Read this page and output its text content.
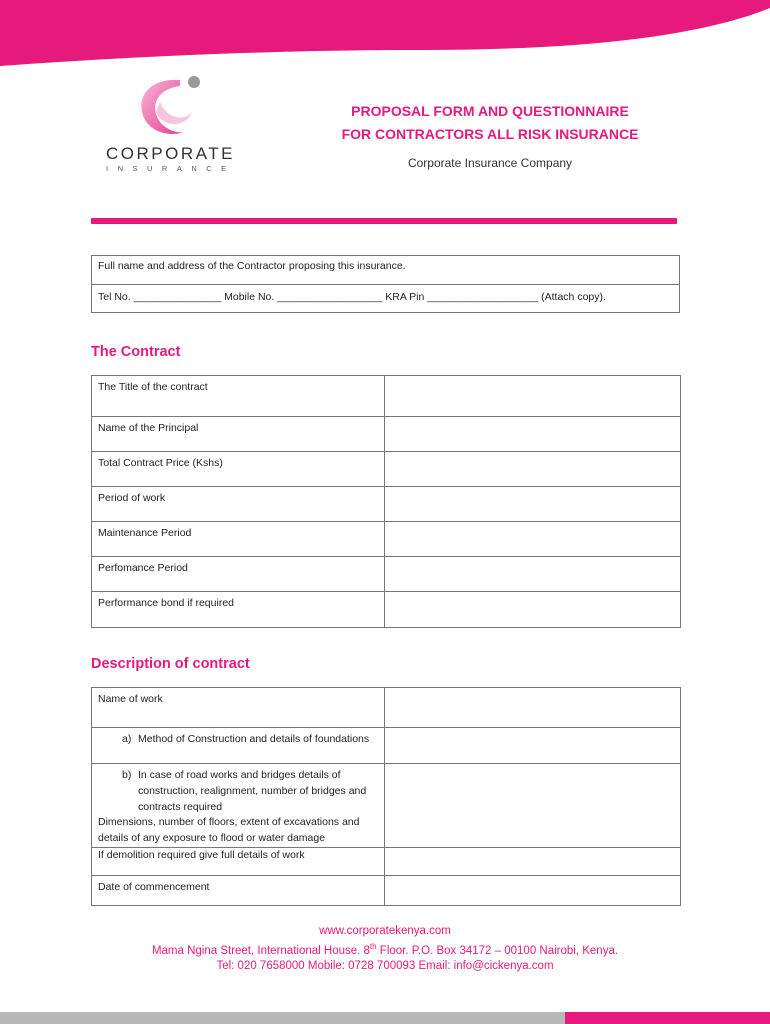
CORPORATE
INSURANCE
PROPOSAL FORM AND QUESTIONNAIRE
FOR CONTRACTORS ALL RISK INSURANCE
Corporate Insurance Company
Full name and address of the Contractor proposing this insurance.
Tel No. _______________ Mobile No. __________________ KRA Pin ___________________ (Attach copy).
The Contract
The Title of the contract	
Name of the Principal	
Total Contract Price (Kshs)	
Period of work	
Maintenance Period	
Perfomance Period	
Performance bond if required	
Description of contract
Name of work	

a) Method of Construction and details of foundations	

b) In case of road works and bridges details of construction, realignment, number of bridges and contracts required
Dimensions, number of floors, extent of excavations and details of any exposure to flood or water damage	

If demolition required give full details of work	
Date of commencement	
www.corporatekenya.com
Mama Ngina Street, International House. 8th Floor. P.O. Box 34172 – 00100 Nairobi, Kenya.
Tel: 020 7658000 Mobile: 0728 700093 Email: info@cickenya.com
